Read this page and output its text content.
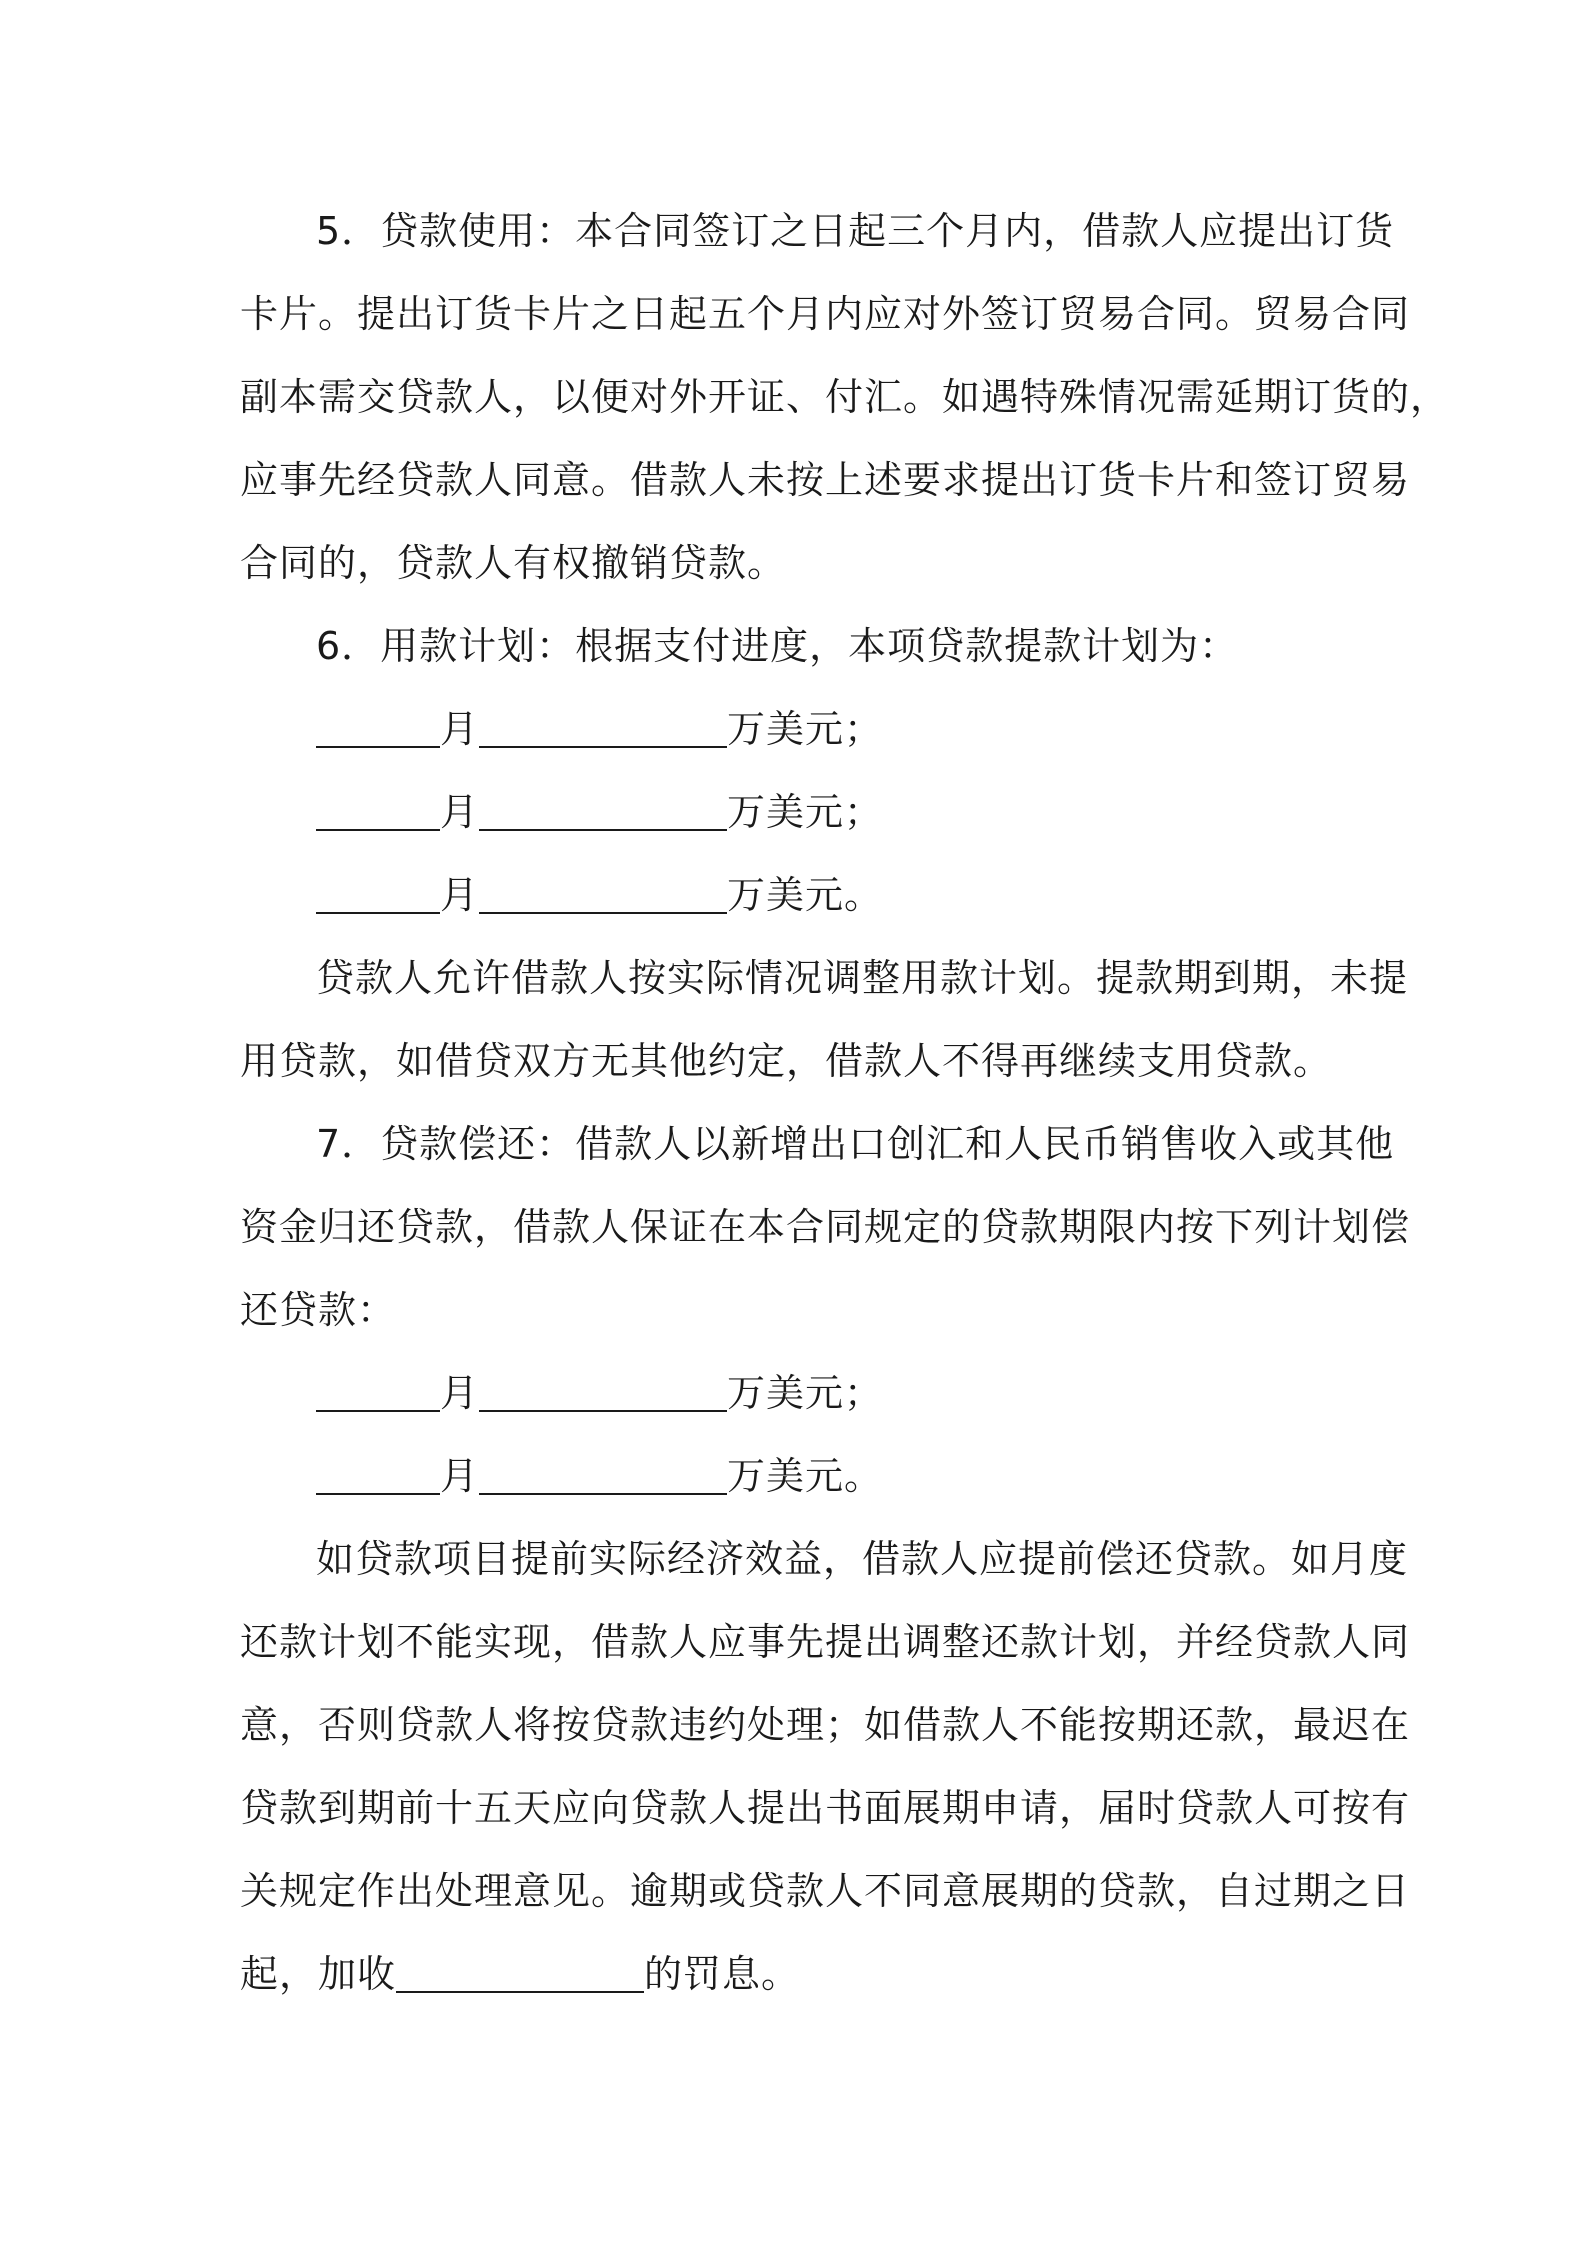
5．贷款使用：本合同签订之日起三个月内，借款人应提出订货
卡片。提出订货卡片之日起五个月内应对外签订贸易合同。贸易合同
副本需交贷款人，以便对外开证、付汇。如遇特殊情况需延期订货的，
应事先经贷款人同意。借款人未按上述要求提出订货卡片和签订贸易
合同的，贷款人有权撤销贷款。
6．用款计划：根据支付进度，本项贷款提款计划为：
月	万美元；
月	万美元；
月	万美元。
贷款人允许借款人按实际情况调整用款计划。提款期到期，未提
用贷款，如借贷双方无其他约定，借款人不得再继续支用贷款。
7．贷款偿还：借款人以新增出口创汇和人民币销售收入或其他
资金归还贷款，借款人保证在本合同规定的贷款期限内按下列计划偿
还贷款：
月	万美元；
月	万美元。
如贷款项目提前实际经济效益，借款人应提前偿还贷款。如月度
还款计划不能实现，借款人应事先提出调整还款计划，并经贷款人同
意，否则贷款人将按贷款违约处理；如借款人不能按期还款，最迟在
贷款到期前十五天应向贷款人提出书面展期申请，届时贷款人可按有
关规定作出处理意见。逾期或贷款人不同意展期的贷款，自过期之日
起，加收	的罚息。
